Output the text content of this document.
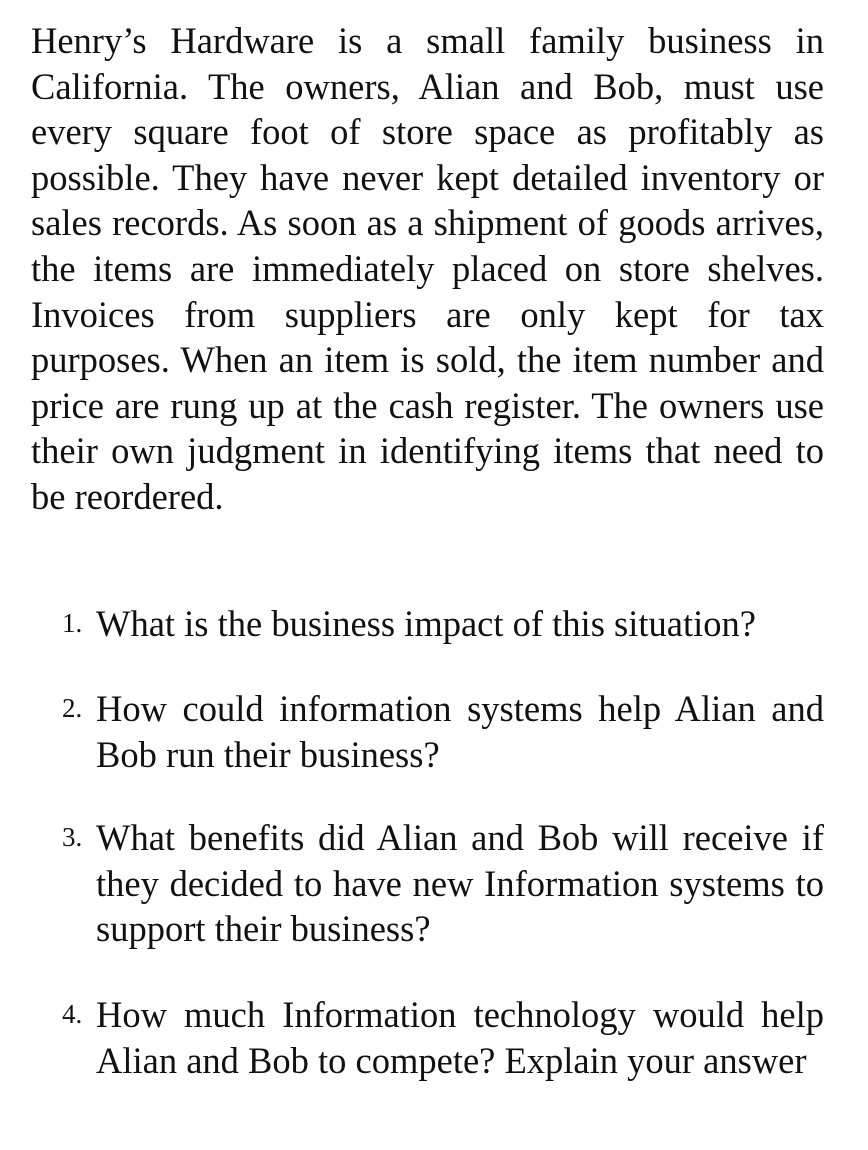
Henry’s Hardware is a small family business in California. The owners, Alian and Bob, must use every square foot of store space as profitably as possible. They have never kept detailed inventory or sales records. As soon as a shipment of goods arrives, the items are immediately placed on store shelves. Invoices from suppliers are only kept for tax purposes. When an item is sold, the item number and price are rung up at the cash register. The owners use their own judgment in identifying items that need to be reordered.

1. What is the business impact of this situation?
2. How could information systems help Alian and Bob run their business?
3. What benefits did Alian and Bob will receive if they decided to have new Information systems to support their business?
4. How much Information technology would help Alian and Bob to compete? Explain your answer
